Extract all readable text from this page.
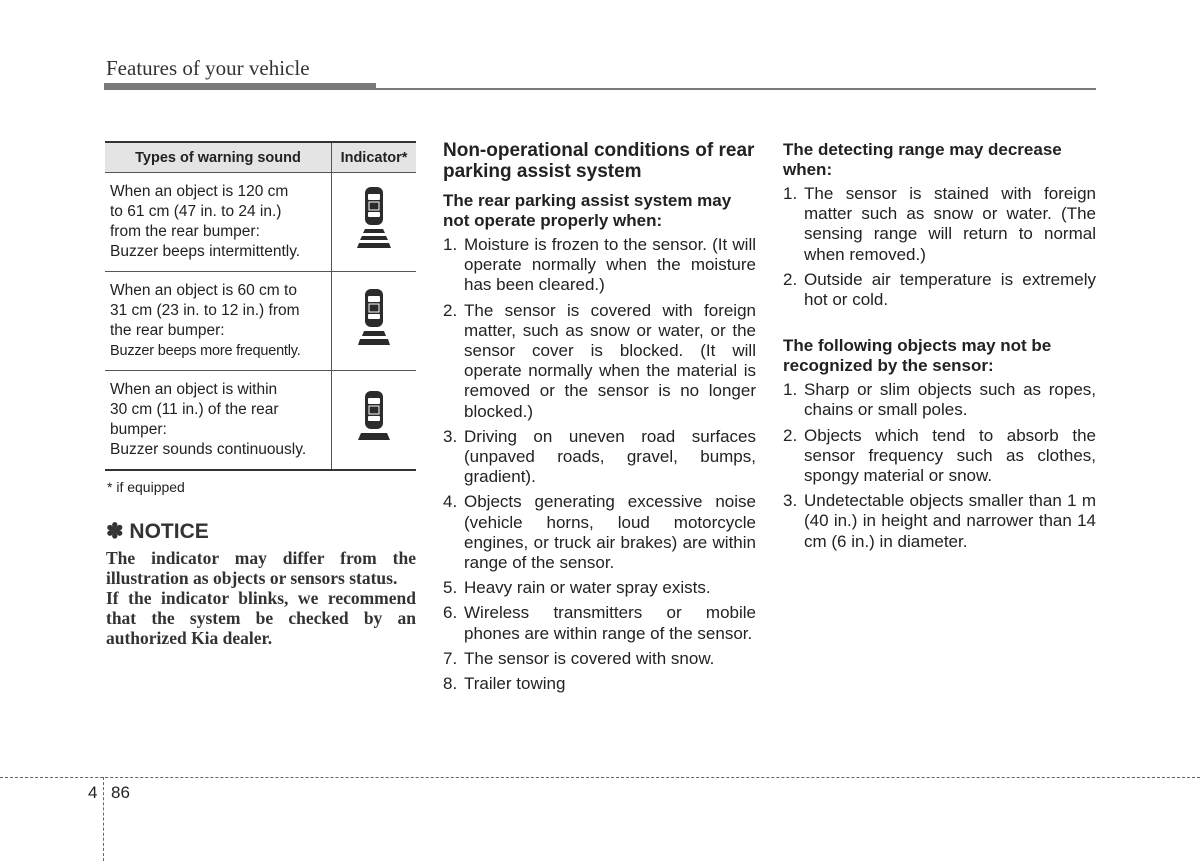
Features of your vehicle
Types of warning sound	Indicator*

When an object is 120 cm
to 61 cm (47 in. to 24 in.)
from the rear bumper:
Buzzer beeps intermittently.

When an object is 60 cm to
31 cm (23 in. to 12 in.) from
the rear bumper:
Buzzer beeps more frequently.

When an object is within
30 cm (11 in.) of the rear
bumper:
Buzzer sounds continuously.

* if equipped
✽ NOTICE

The indicator may differ from the illustration as objects or sensors status.

If the indicator blinks, we recommend that the system be checked by an authorized Kia dealer.

Non-operational conditions of rear parking assist system
The rear parking assist system may not operate properly when:
1. Moisture is frozen to the sensor. (It will operate normally when the moisture has been cleared.)
2. The sensor is covered with foreign matter, such as snow or water, or the sensor cover is blocked. (It will operate normally when the material is removed or the sensor is no longer blocked.)
3. Driving on uneven road surfaces (unpaved roads, gravel, bumps, gradient).
4. Objects generating excessive noise (vehicle horns, loud motorcycle engines, or truck air brakes) are within range of the sensor.
5. Heavy rain or water spray exists.
6. Wireless transmitters or mobile phones are within range of the sensor.
7. The sensor is covered with snow.
8. Trailer towing
The detecting range may decrease when:
1. The sensor is stained with foreign matter such as snow or water. (The sensing range will return to normal when removed.)
2. Outside air temperature is extremely hot or cold.
The following objects may not be recognized by the sensor:
1. Sharp or slim objects such as ropes, chains or small poles.
2. Objects which tend to absorb the sensor frequency such as clothes, spongy material or snow.
3. Undetectable objects smaller than 1 m (40 in.) in height and narrower than 14 cm (6 in.) in diameter.
4 86
